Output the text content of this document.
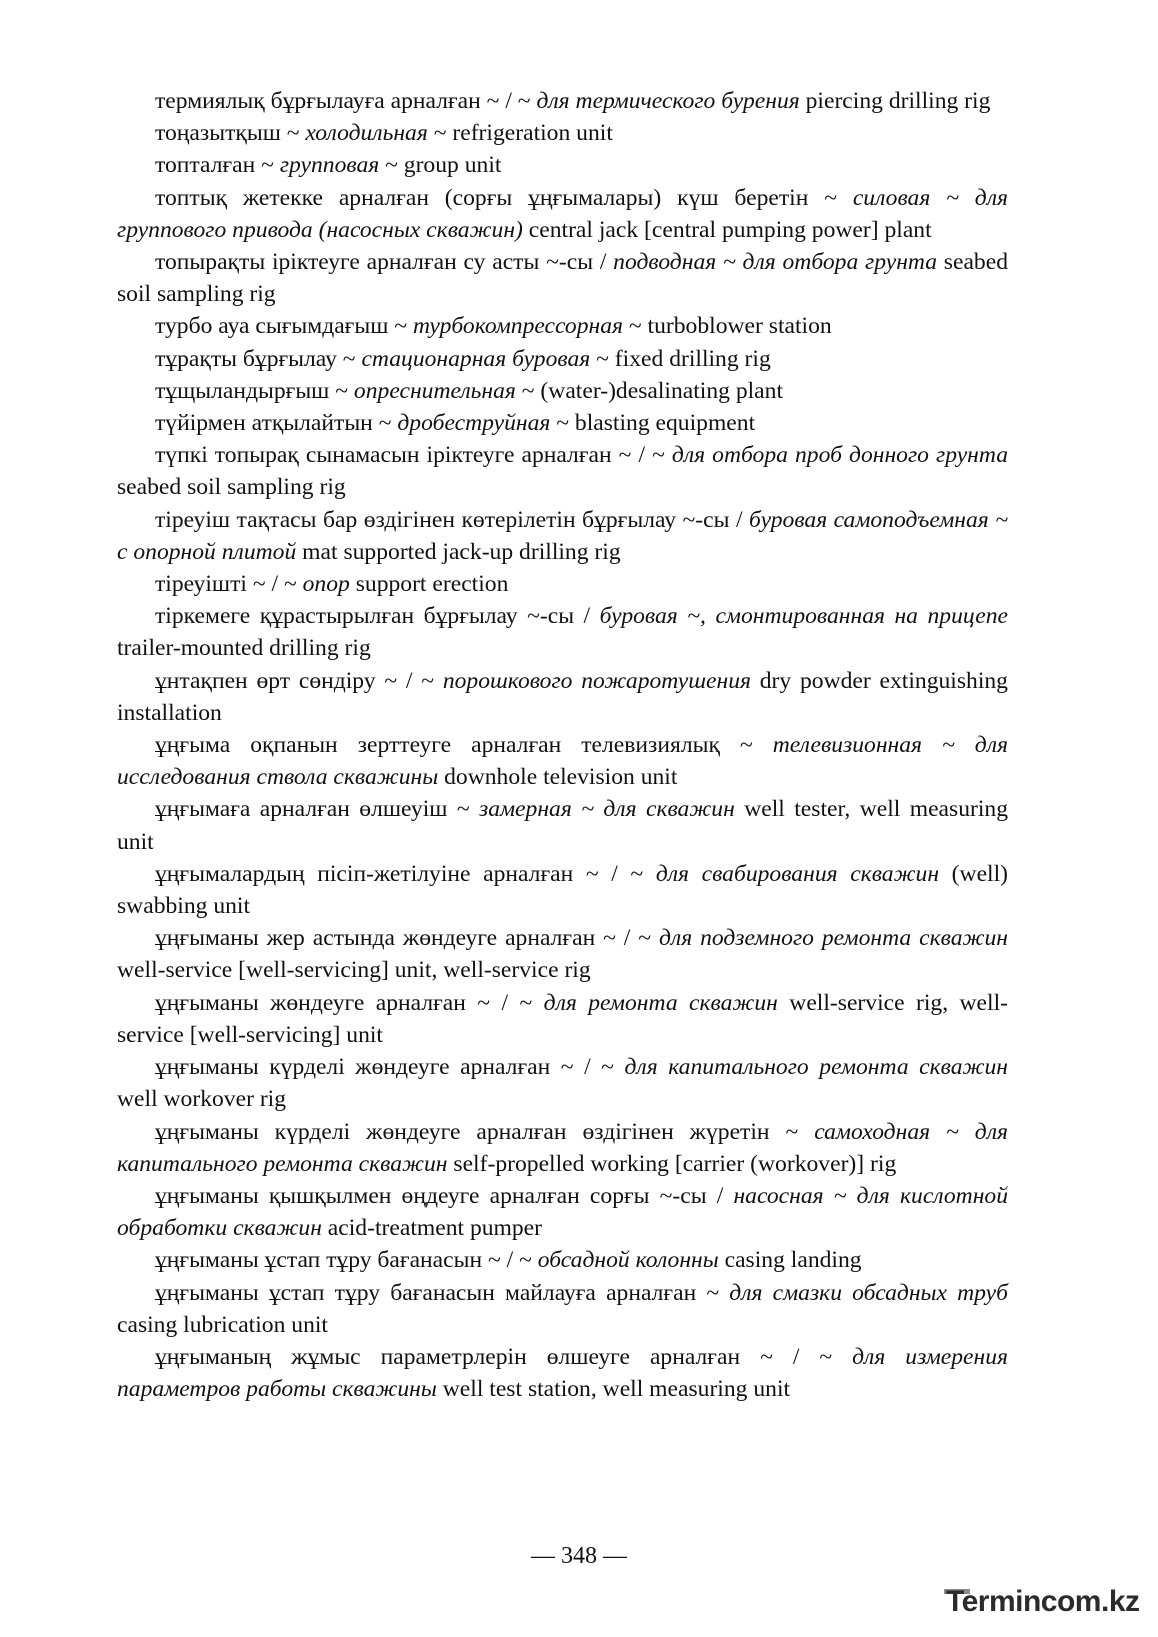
термиялық бұрғылауға арналған ~ / ~ для термического бурения piercing drilling rig

тоңазытқыш ~ холодильная ~ refrigeration unit

топталған ~ групповая ~ group unit

топтық жетекке арналған (сорғы ұңғымалары) күш беретін ~ силовая ~ для группового привода (насосных скважин) central jack [central pumping power] plant

топырақты іріктеуге арналған су асты ~-сы / подводная ~ для отбора грунта seabed soil sampling rig

турбо ауа сығымдағыш ~ турбокомпрессорная ~ turboblower station

тұрақты бұрғылау ~ стационарная буровая ~ fixed drilling rig

тұщыландырғыш ~ опреснительная ~ (water-)desalinating plant

түйірмен атқылайтын ~ дробеструйная ~ blasting equipment

түпкі топырақ сынамасын іріктеуге арналған ~ / ~ для отбора проб донного грунта seabed soil sampling rig

тіреуіш тақтасы бар өздігінен көтерілетін бұрғылау ~-сы / буровая самоподъемная ~ с опорной плитой mat supported jack-up drilling rig

тіреуішті ~ / ~ опор support erection

тіркемеге құрастырылған бұрғылау ~-сы / буровая ~, смонтированная на прицепе trailer-mounted drilling rig

ұнтақпен өрт сөндіру ~ / ~ порошкового пожаротушения dry powder extinguishing installation

ұңғыма оқпанын зерттеуге арналған телевизиялық ~ телевизионная ~ для исследования ствола скважины downhole television unit

ұңғымаға арналған өлшеуіш ~ замерная ~ для скважин well tester, well measuring unit

ұңғымалардың пісіп-жетілуіне арналған ~ / ~ для свабирования скважин (well) swabbing unit

ұңғыманы жер астында жөндеуге арналған ~ / ~ для подземного ремонта скважин well-service [well-servicing] unit, well-service rig

ұңғыманы жөндеуге арналған ~ / ~ для ремонта скважин well-service rig, well-service [well-servicing] unit

ұңғыманы күрделі жөндеуге арналған ~ / ~ для капитального ремонта скважин well workover rig

ұңғыманы күрделі жөндеуге арналған өздігінен жүретін ~ самоходная ~ для капитального ремонта скважин self-propelled working [carrier (workover)] rig

ұңғыманы қышқылмен өңдеуге арналған сорғы ~-сы / насосная ~ для кислотной обработки скважин acid-treatment pumper

ұңғыманы ұстап тұру бағанасын ~ / ~ обсадной колонны casing landing

ұңғыманы ұстап тұру бағанасын майлауға арналған ~ для смазки обсадных труб casing lubrication unit

ұңғыманың жұмыс параметрлерін өлшеуге арналған ~ / ~ для измерения параметров работы скважины well test station, well measuring unit

— 348 —
Termincom.kz
